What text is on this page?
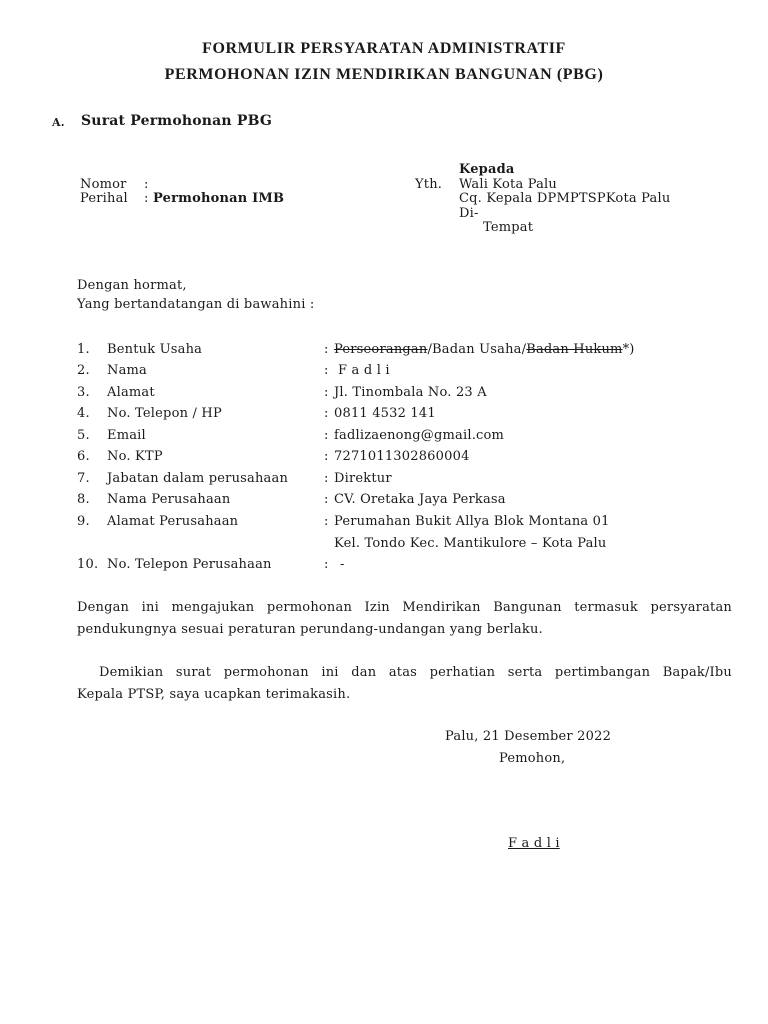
FORMULIR PERSYARATAN ADMINISTRATIF
PERMOHONAN IZIN MENDIRIKAN BANGUNAN (PBG)
A. Surat Permohonan PBG
Kepada
Yth. Wali Kota Palu
Cq. Kepala DPMPTSPKota Palu
Di-
Tempat
Nomor :
Perihal : Permohonan IMB
Dengan hormat,
Yang bertandatangan di bawahini :
1. Bentuk Usaha	: Perseorangan/Badan Usaha/Badan Hukum*)
2. Nama	: F a d l i
3. Alamat	: Jl. Tinombala No. 23 A
4. No. Telepon / HP	: 0811 4532 141
5. Email	: fadlizaenong@gmail.com
6. No. KTP	: 7271011302860004
7. Jabatan dalam perusahaan	: Direktur
8. Nama Perusahaan	: CV. Oretaka Jaya Perkasa
9. Alamat Perusahaan	: Perumahan Bukit Allya Blok Montana 01
Kel. Tondo Kec. Mantikulore – Kota Palu
10. No. Telepon Perusahaan	: -
Dengan ini mengajukan permohonan Izin Mendirikan Bangunan termasuk persyaratan
pendukungnya sesuai peraturan perundang-undangan yang berlaku.
Demikian surat permohonan ini dan atas perhatian serta pertimbangan Bapak/Ibu
Kepala PTSP, saya ucapkan terimakasih.
Palu, 21 Desember 2022
Pemohon,
F a d l i
